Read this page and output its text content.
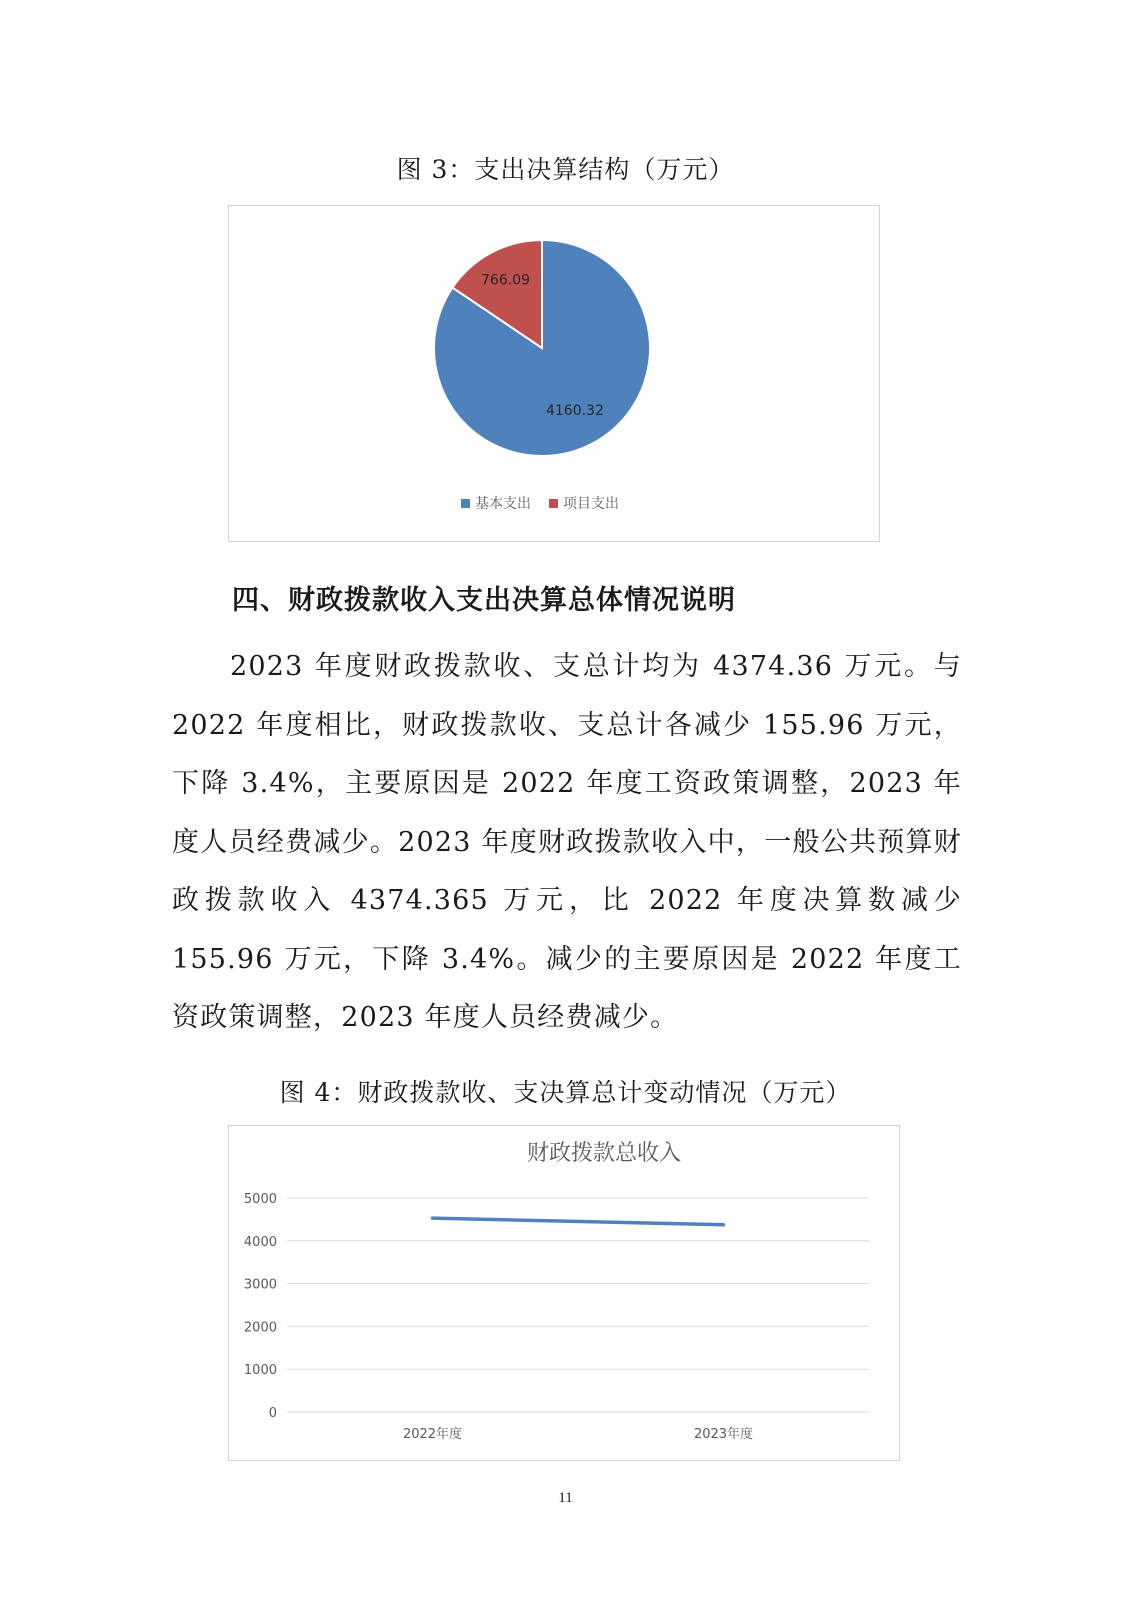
图 3：支出决算结构（万元）
4160.32
766.09
基本支出 项目支出
四、财政拨款收入支出决算总体情况说明
2023 年度财政拨款收、支总计均为 4374.36 万元。与 2022 年度相比，财政拨款收、支总计各减少 155.96 万元，下降 3.4%，主要原因是 2022 年度工资政策调整，2023 年度人员经费减少。2023 年度财政拨款收入中，一般公共预算财政拨款收入 4374.365 万元，比 2022 年度决算数减少 155.96 万元，下降 3.4%。减少的主要原因是 2022 年度工资政策调整，2023 年度人员经费减少。
图 4：财政拨款收、支决算总计变动情况（万元）
财政拨款总收入
0
1000
2000
3000
4000
5000
2022年度	2023年度
11
